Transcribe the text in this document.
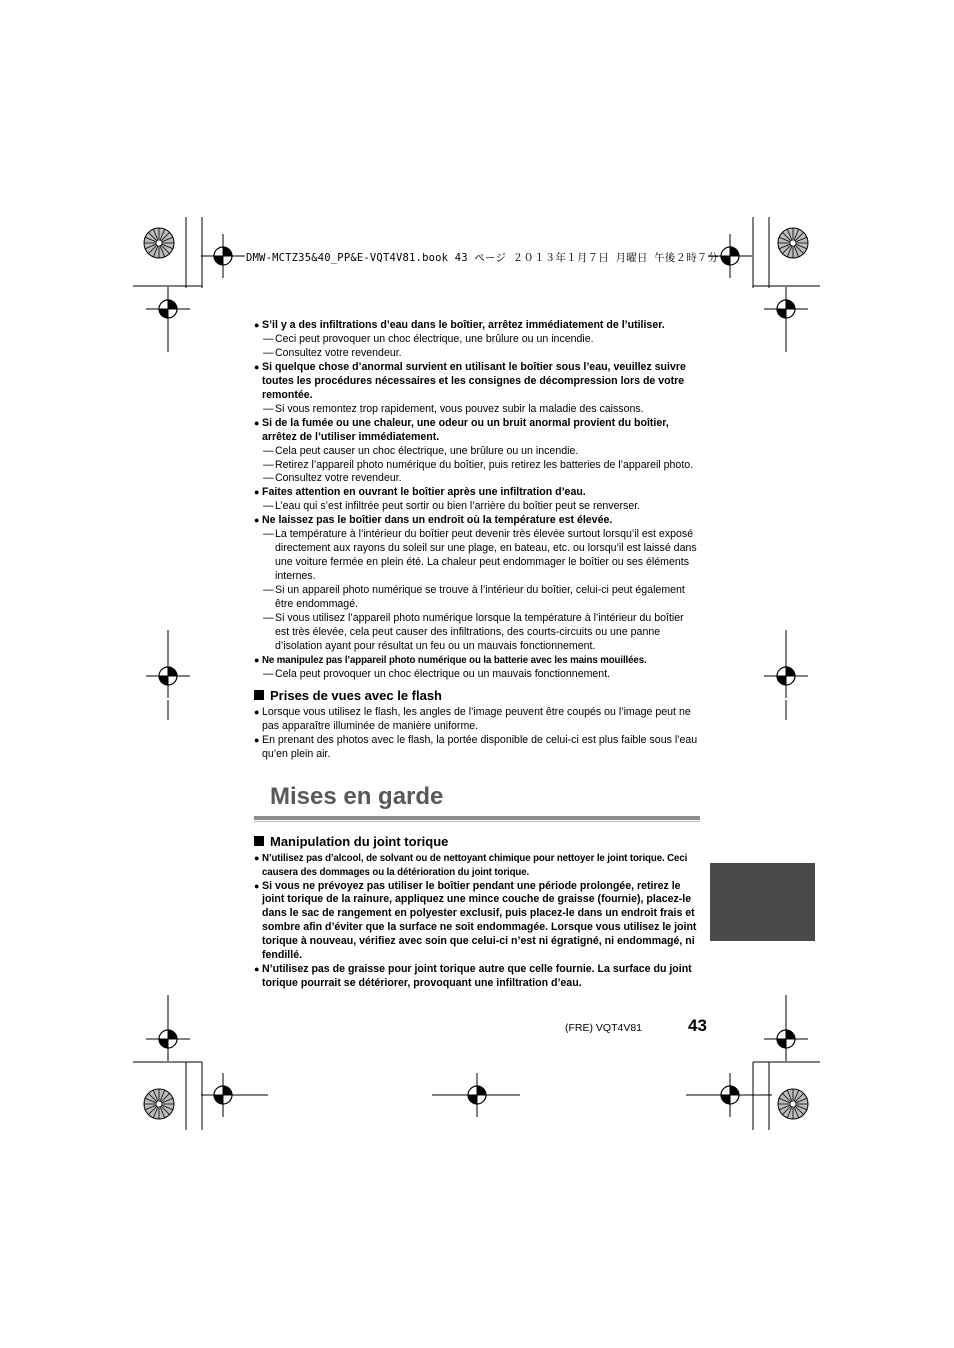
DMW-MCTZ35&40_PP&E-VQT4V81.book 43 ページ ２０１３年１月７日 月曜日 午後２時７分
● S’il y a des infiltrations d’eau dans le boîtier, arrêtez immédiatement de l’utiliser.
— Ceci peut provoquer un choc électrique, une brûlure ou un incendie.
— Consultez votre revendeur.
● Si quelque chose d’anormal survient en utilisant le boîtier sous l’eau, veuillez suivre toutes les procédures nécessaires et les consignes de décompression lors de votre remontée.
— Si vous remontez trop rapidement, vous pouvez subir la maladie des caissons.
● Si de la fumée ou une chaleur, une odeur ou un bruit anormal provient du boîtier, arrêtez de l’utiliser immédiatement.
— Cela peut causer un choc électrique, une brûlure ou un incendie.
— Retirez l’appareil photo numérique du boîtier, puis retirez les batteries de l’appareil photo.
— Consultez votre revendeur.
● Faites attention en ouvrant le boîtier après une infiltration d’eau.
— L’eau qui s’est infiltrée peut sortir ou bien l’arrière du boîtier peut se renverser.
● Ne laissez pas le boîtier dans un endroit où la température est élevée.
— La température à l’intérieur du boîtier peut devenir très élevée surtout lorsqu’il est exposé directement aux rayons du soleil sur une plage, en bateau, etc. ou lorsqu’il est laissé dans une voiture fermée en plein été. La chaleur peut endommager le boîtier ou ses éléments internes.
— Si un appareil photo numérique se trouve à l’intérieur du boîtier, celui-ci peut également être endommagé.
— Si vous utilisez l’appareil photo numérique lorsque la température à l’intérieur du boîtier est très élevée, cela peut causer des infiltrations, des courts-circuits ou une panne d’isolation ayant pour résultat un feu ou un mauvais fonctionnement.
● Ne manipulez pas l’appareil photo numérique ou la batterie avec les mains mouillées.
— Cela peut provoquer un choc électrique ou un mauvais fonctionnement.
Prises de vues avec le flash
● Lorsque vous utilisez le flash, les angles de l’image peuvent être coupés ou l’image peut ne pas apparaître illuminée de manière uniforme.
● En prenant des photos avec le flash, la portée disponible de celui-ci est plus faible sous l’eau qu’en plein air.
Mises en garde
Manipulation du joint torique
● N’utilisez pas d’alcool, de solvant ou de nettoyant chimique pour nettoyer le joint torique. Ceci causera des dommages ou la détérioration du joint torique.
● Si vous ne prévoyez pas utiliser le boîtier pendant une période prolongée, retirez le joint torique de la rainure, appliquez une mince couche de graisse (fournie), placez-le dans le sac de rangement en polyester exclusif, puis placez-le dans un endroit frais et sombre afin d’éviter que la surface ne soit endommagée. Lorsque vous utilisez le joint torique à nouveau, vérifiez avec soin que celui-ci n’est ni égratigné, ni endommagé, ni fendillé.
● N’utilisez pas de graisse pour joint torique autre que celle fournie. La surface du joint torique pourrait se détériorer, provoquant une infiltration d’eau.
(FRE) VQT4V81	43
